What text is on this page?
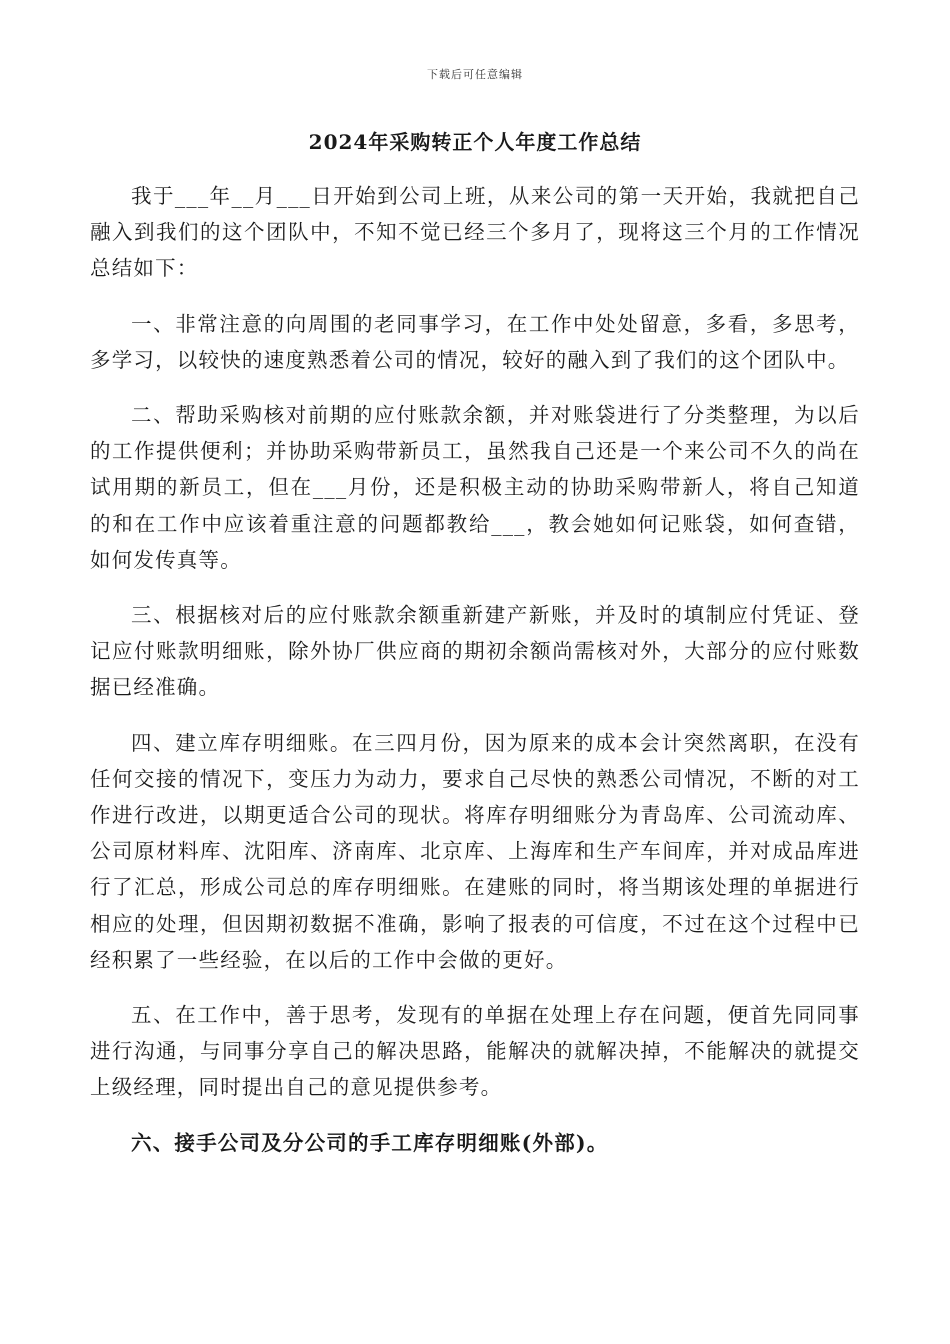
下载后可任意编辑
2024年采购转正个人年度工作总结

我于___年__月___日开始到公司上班，从来公司的第一天开始，我就把自己融入到我们的这个团队中，不知不觉已经三个多月了，现将这三个月的工作情况总结如下：

一、非常注意的向周围的老同事学习，在工作中处处留意，多看，多思考，多学习，以较快的速度熟悉着公司的情况，较好的融入到了我们的这个团队中。

二、帮助采购核对前期的应付账款余额，并对账袋进行了分类整理，为以后的工作提供便利；并协助采购带新员工，虽然我自己还是一个来公司不久的尚在试用期的新员工，但在___月份，还是积极主动的协助采购带新人，将自己知道的和在工作中应该着重注意的问题都教给___，教会她如何记账袋，如何查错，如何发传真等。

三、根据核对后的应付账款余额重新建产新账，并及时的填制应付凭证、登记应付账款明细账，除外协厂供应商的期初余额尚需核对外，大部分的应付账数据已经准确。

四、建立库存明细账。在三四月份，因为原来的成本会计突然离职，在没有任何交接的情况下，变压力为动力，要求自己尽快的熟悉公司情况，不断的对工作进行改进，以期更适合公司的现状。将库存明细账分为青岛库、公司流动库、公司原材料库、沈阳库、济南库、北京库、上海库和生产车间库，并对成品库进行了汇总，形成公司总的库存明细账。在建账的同时，将当期该处理的单据进行相应的处理，但因期初数据不准确，影响了报表的可信度，不过在这个过程中已经积累了一些经验，在以后的工作中会做的更好。

五、在工作中，善于思考，发现有的单据在处理上存在问题，便首先同同事进行沟通，与同事分享自己的解决思路，能解决的就解决掉，不能解决的就提交上级经理，同时提出自己的意见提供参考。

六、接手公司及分公司的手工库存明细账(外部)。
